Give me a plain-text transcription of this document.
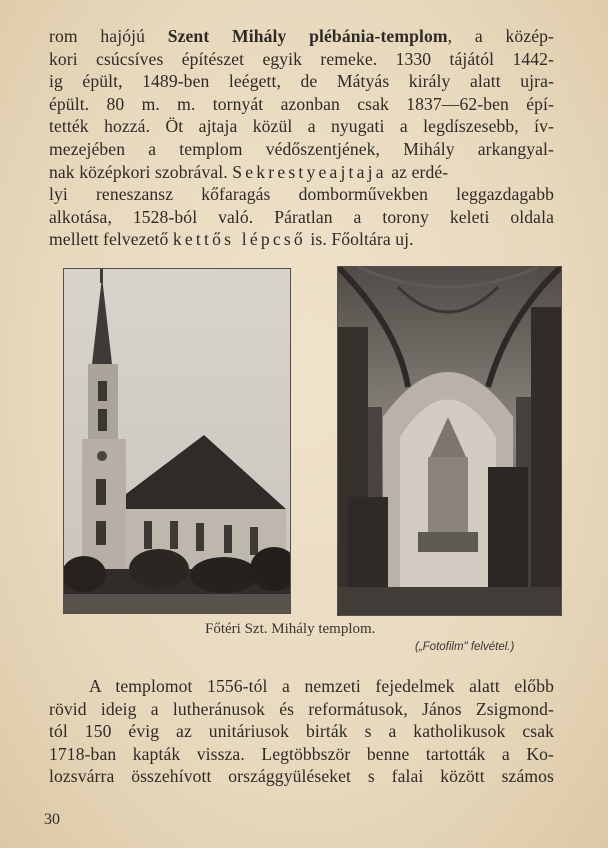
rom hajójú Szent Mihály plébánia-templom, a közép-
kori csúcsíves építészet egyik remeke. 1330 tájától 1442-
ig épült, 1489-ben leégett, de Mátyás király alatt ujra-
épült. 80 m. m. tornyát azonban csak 1837—62-ben épí-
tették hozzá. Öt ajtaja közül a nyugati a legdíszesebb, ív-
mezejében a templom védőszentjének, Mihály arkangyal-
nak középkori szobrával. Sekrestyeajtaja az erdé-
lyi reneszansz kőfaragás domborművekben leggazdagabb
alkotása, 1528-ból való. Páratlan a torony keleti oldala
mellett felvezető kettős lépcső is. Főoltára uj.

Főtéri Szt. Mihály templom.

(„Fotofilm" felvétel.)

A templomot 1556-tól a nemzeti fejedelmek alatt előbb
rövid ideig a lutheránusok és reformátusok, János Zsigmond-
tól 150 évig az unitáriusok birták s a katholikusok csak
1718-ban kapták vissza. Legtöbbször benne tartották a Ko-
lozsvárra összehívott országgyüléseket s falai között számos

30
